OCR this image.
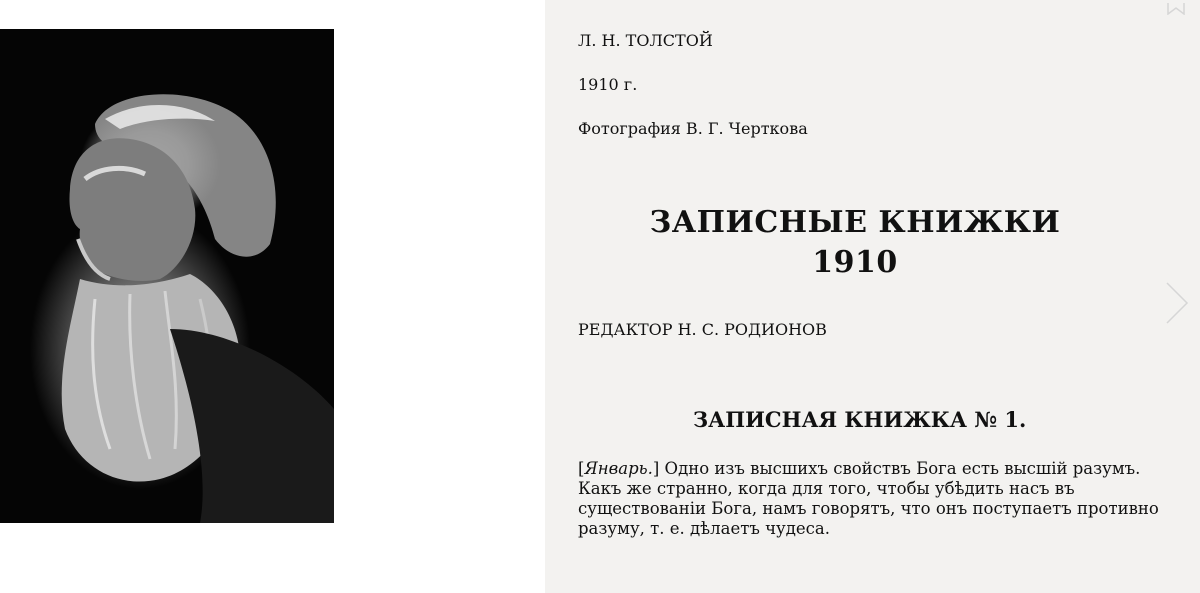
Л. Н. ТОЛСТОЙ
1910 г.
Фотография В. Г. Черткова
ЗАПИСНЫЕ КНИЖКИ
1910
РЕДАКТОР Н. С. РОДИОНОВ
ЗАПИСНАЯ КНИЖКА № 1.
[Январь.] Одно изъ высшихъ свойствъ Бога есть высшій разумъ. Какъ же странно, когда для того, чтобы убѣдить насъ въ существованіи Бога, намъ говорятъ, что онъ поступаетъ противно разуму, т. е. дѣлаетъ чудеса.
